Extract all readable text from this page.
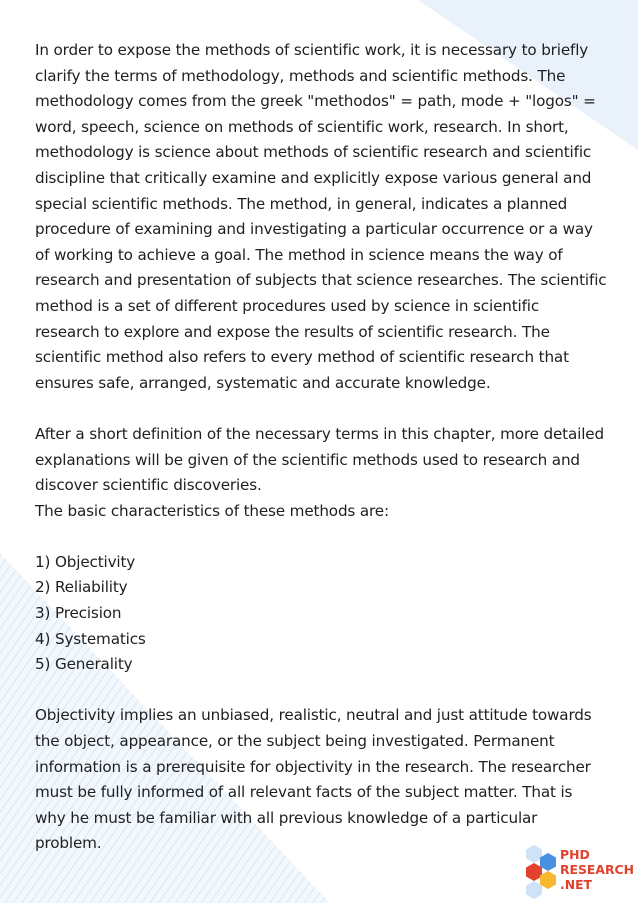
In order to expose the methods of scientific work, it is necessary to briefly clarify the terms of methodology, methods and scientific methods. The methodology comes from the greek "methodos" = path, mode + "logos" = word, speech, science on methods of scientific work, research. In short, methodology is science about methods of scientific research and scientific discipline that critically examine and explicitly expose various general and special scientific methods. The method, in general, indicates a planned procedure of examining and investigating a particular occurrence or a way of working to achieve a goal. The method in science means the way of research and presentation of subjects that science researches. The scientific method is a set of different procedures used by science in scientific research to explore and expose the results of scientific research. The scientific method also refers to every method of scientific research that ensures safe, arranged, systematic and accurate knowledge.

After a short definition of the necessary terms in this chapter, more detailed explanations will be given of the scientific methods used to research and discover scientific discoveries.

The basic characteristics of these methods are:

1) Objectivity
2) Reliability
3) Precision
4) Systematics
5) Generality

Objectivity implies an unbiased, realistic, neutral and just attitude towards the object, appearance, or the subject being investigated. Permanent information is a prerequisite for objectivity in the research. The researcher must be fully informed of all relevant facts of the subject matter. That is why he must be familiar with all previous knowledge of a particular problem.

PHD
RESEARCH
.NET
